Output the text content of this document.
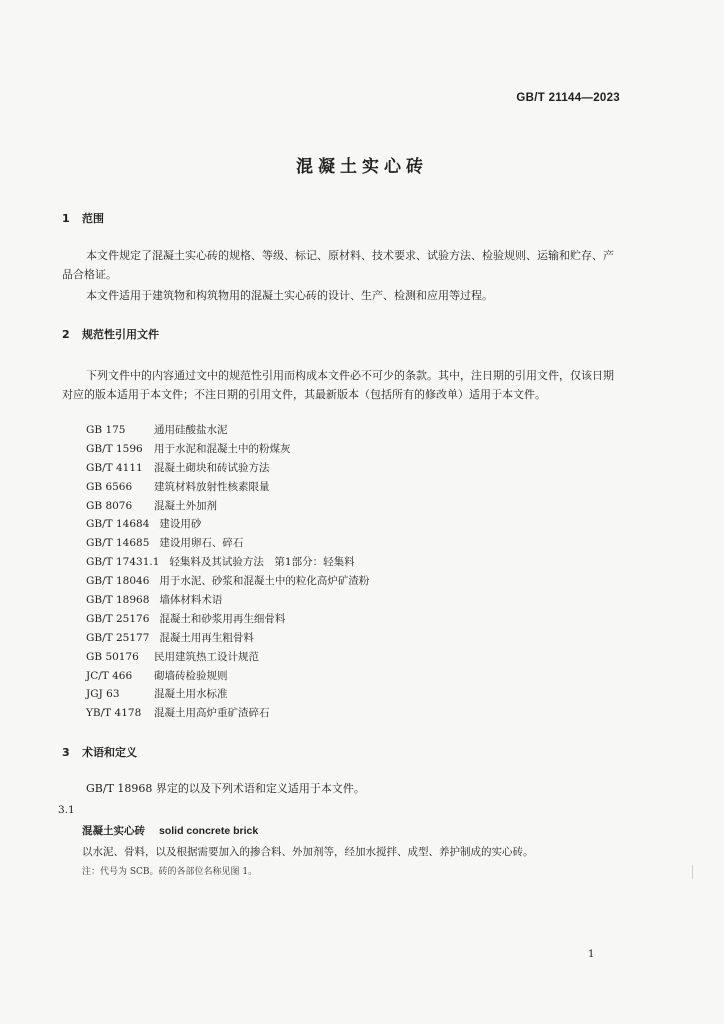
GB/T 21144—2023
混凝土实心砖
1 范围

本文件规定了混凝土实心砖的规格、等级、标记、原材料、技术要求、试验方法、检验规则、运输和贮存、产品合格证。

本文件适用于建筑物和构筑物用的混凝土实心砖的设计、生产、检测和应用等过程。

2 规范性引用文件

下列文件中的内容通过文中的规范性引用而构成本文件必不可少的条款。其中，注日期的引用文件，仅该日期对应的版本适用于本文件；不注日期的引用文件，其最新版本（包括所有的修改单）适用于本文件。

GB 175	通用硅酸盐水泥
GB/T 1596 用于水泥和混凝土中的粉煤灰
GB/T 4111 混凝土砌块和砖试验方法
GB 6566 建筑材料放射性核素限量
GB 8076 混凝土外加剂
GB/T 14684 建设用砂
GB/T 14685 建设用卵石、碎石
GB/T 17431.1 轻集料及其试验方法　第1部分：轻集料
GB/T 18046 用于水泥、砂浆和混凝土中的粒化高炉矿渣粉
GB/T 18968 墙体材料术语
GB/T 25176 混凝土和砂浆用再生细骨料
GB/T 25177 混凝土用再生粗骨料
GB 50176 民用建筑热工设计规范
JC/T 466 砌墙砖检验规则
JGJ 63	混凝土用水标准
YB/T 4178 混凝土用高炉重矿渣碎石
3 术语和定义

GB/T 18968 界定的以及下列术语和定义适用于本文件。

3.1
混凝土实心砖 solid concrete brick
以水泥、骨料，以及根据需要加入的掺合料、外加剂等，经加水搅拌、成型、养护制成的实心砖。
注：代号为 SCB。砖的各部位名称见图 1。
1
